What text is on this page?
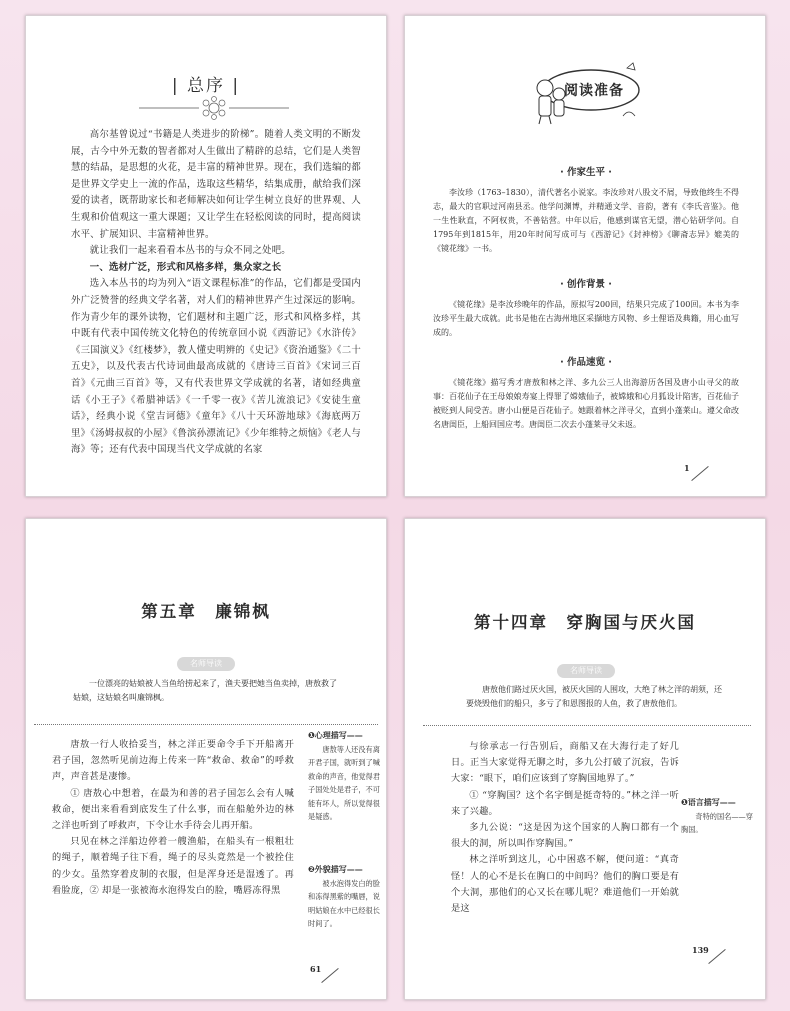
| 总序 |

高尔基曾说过“书籍是人类进步的阶梯”。随着人类文明的不断发展，古今中外无数的智者都对人生做出了精辟的总结，它们是人类智慧的结晶，是思想的火花，是丰富的精神世界。现在，我们选编的都是世界文学史上一流的作品，选取这些精华，结集成册，献给我们深爱的读者，既帮助家长和老师解决如何让学生树立良好的世界观、人生观和价值观这一重大课题；又让学生在轻松阅读的同时，提高阅读水平、扩展知识、丰富精神世界。

就让我们一起来看看本丛书的与众不同之处吧。

一、选材广泛，形式和风格多样，集众家之长

选入本丛书的均为列入“语文课程标准”的作品，它们都是受国内外广泛赞誉的经典文学名著，对人们的精神世界产生过深远的影响。作为青少年的课外读物，它们题材和主题广泛，形式和风格多样，其中既有代表中国传统文化特色的传统章回小说《西游记》《水浒传》《三国演义》《红楼梦》，教人懂史明辨的《史记》《资治通鉴》《二十五史》，以及代表古代诗词曲最高成就的《唐诗三百首》《宋词三百首》《元曲三百首》等，又有代表世界文学成就的名著，诸如经典童话《小王子》《希腊神话》《一千零一夜》《苦儿流浪记》《安徒生童话》，经典小说《堂吉诃德》《童年》《八十天环游地球》《海底两万里》《汤姆叔叔的小屋》《鲁滨孙漂流记》《少年维特之烦恼》《老人与海》等；还有代表中国现当代文学成就的名家

阅读准备
· 作家生平 ·

李汝珍（1763–1830），清代著名小说家。李汝珍对八股文不屑，导致他终生不得志，最大的官职过河南县丞。他学问渊博，并精通文学、音韵，著有《李氏音鉴》。他一生性耿直，不阿权贵，不善钻营。中年以后，他感到谋官无望，潜心钻研学问。自1795年到1815年，用20年时间写成可与《西游记》《封神榜》《聊斋志异》媲美的《镜花缘》一书。

· 创作背景 ·

《镜花缘》是李汝珍晚年的作品，原拟写200回，结果只完成了100回。本书为李汝珍平生最大成就。此书是他在古海州地区采撷地方风物、乡土俚语及典籍，用心血写成的。

· 作品速览 ·

《镜花缘》描写秀才唐敖和林之洋、多九公三人出海游历各国及唐小山寻父的故事：百花仙子在王母娘娘寿宴上得罪了嫦娥仙子，被嫦娥和心月狐设计陷害，百花仙子被贬到人间受苦。唐小山便是百花仙子。她跟着林之洋寻父，直到小蓬莱山。遵父命改名唐闺臣，上船回国应考。唐闺臣二次去小蓬莱寻父未返。

1
第五章　廉锦枫
名师导读

一位漂亮的姑娘被人当鱼给捞起来了，渔夫要把她当鱼卖掉，唐敖救了姑娘，这姑娘名叫廉锦枫。

唐敖一行人收拾妥当，林之洋正要命令手下开船离开君子国，忽然听见前边海上传来一阵“救命、救命”的呼救声，声音甚是凄惨。

① 唐敖心中想着，在最为和善的君子国怎么会有人喊救命，便出来看看到底发生了什么事，而在船舱外边的林之洋也听到了呼救声，下令让水手待会儿再开船。

只见在林之洋船边停着一艘渔船，在船头有一根粗壮的绳子，顺着绳子往下看，绳子的尽头竟然是一个被拴住的少女。虽然穿着皮制的衣服，但是浑身还是湿透了。再看脸庞，② 却是一张被海水泡得发白的脸，嘴唇冻得黑

❶心理描写——
唐敖等人还没有离开君子国，就听到了喊救命的声音，他觉得君子国处处是君子，不可能有坏人，所以觉得很是疑惑。
❷外貌描写——
被水泡得发白的脸和冻得黑紫的嘴唇，说明姑娘在水中已经很长时间了。
61
第十四章　穿胸国与厌火国
名师导读

唐敖他们路过厌火国，被厌火国的人围攻，大绝了林之洋的胡须，还要烧毁他们的船只，多亏了和恩图报的人鱼，救了唐敖他们。

与徐承志一行告别后，商船又在大海行走了好几日。正当大家觉得无聊之时，多九公打破了沉寂，告诉大家：“眼下，咱们应该到了穿胸国地界了。”

① “穿胸国？这个名字倒是挺奇特的。”林之洋一听来了兴趣。

多九公说：“这是因为这个国家的人胸口都有一个很大的洞，所以叫作穿胸国。”

林之洋听到这儿，心中困惑不解，便问道：“真奇怪！人的心不是长在胸口的中间吗？他们的胸口要是有个大洞，那他们的心又长在哪儿呢？难道他们一开始就是这

❶语言描写——
奇特的国名——穿胸国。
139
